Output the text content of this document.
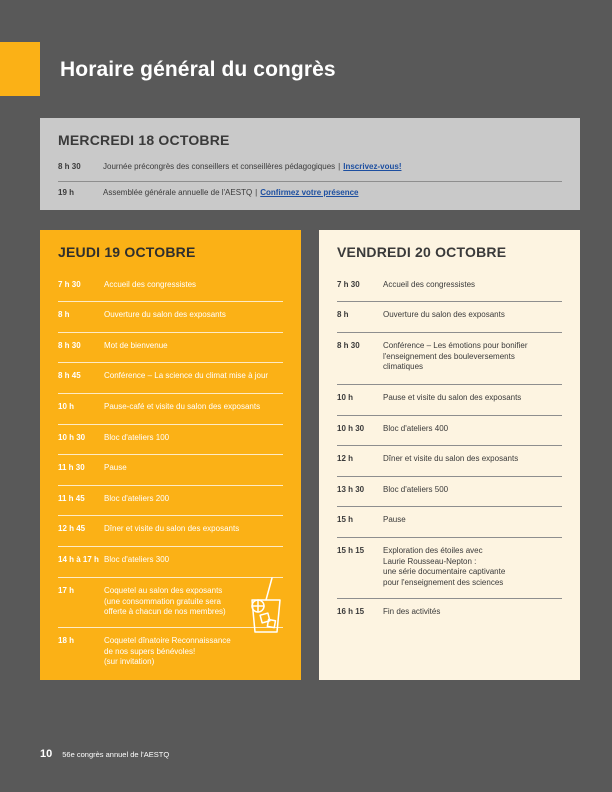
Horaire général du congrès
MERCREDI 18 OCTOBRE
8 h 30	Journée précongrès des conseillers et conseillères pédagogiques | Inscrivez-vous!
19 h	Assemblée générale annuelle de l'AESTQ | Confirmez votre présence
JEUDI 19 OCTOBRE
7 h 30	Accueil des congressistes
8 h	Ouverture du salon des exposants
8 h 30	Mot de bienvenue
8 h 45	Conférence – La science du climat mise à jour
10 h	Pause-café et visite du salon des exposants
10 h 30	Bloc d'ateliers 100
11 h 30	Pause
11 h 45	Bloc d'ateliers 200
12 h 45	Dîner et visite du salon des exposants
14 h à 17 h Bloc d'ateliers 300
17 h	Coquetel au salon des exposants
(une consommation gratuite sera
offerte à chacun de nos membres)
18 h	Coquetel dînatoire Reconnaissance
de nos supers bénévoles!
(sur invitation)
VENDREDI 20 OCTOBRE
7 h 30	Accueil des congressistes
8 h	Ouverture du salon des exposants
8 h 30	Conférence – Les émotions pour bonifier
l'enseignement des bouleversements
climatiques
10 h	Pause et visite du salon des exposants
10 h 30	Bloc d'ateliers 400
12 h	Dîner et visite du salon des exposants
13 h 30	Bloc d'ateliers 500
15 h	Pause
15 h 15	Exploration des étoiles avec
Laurie Rousseau-Nepton :
une série documentaire captivante
pour l'enseignement des sciences
16 h 15	Fin des activités
10 56e congrès annuel de l'AESTQ
